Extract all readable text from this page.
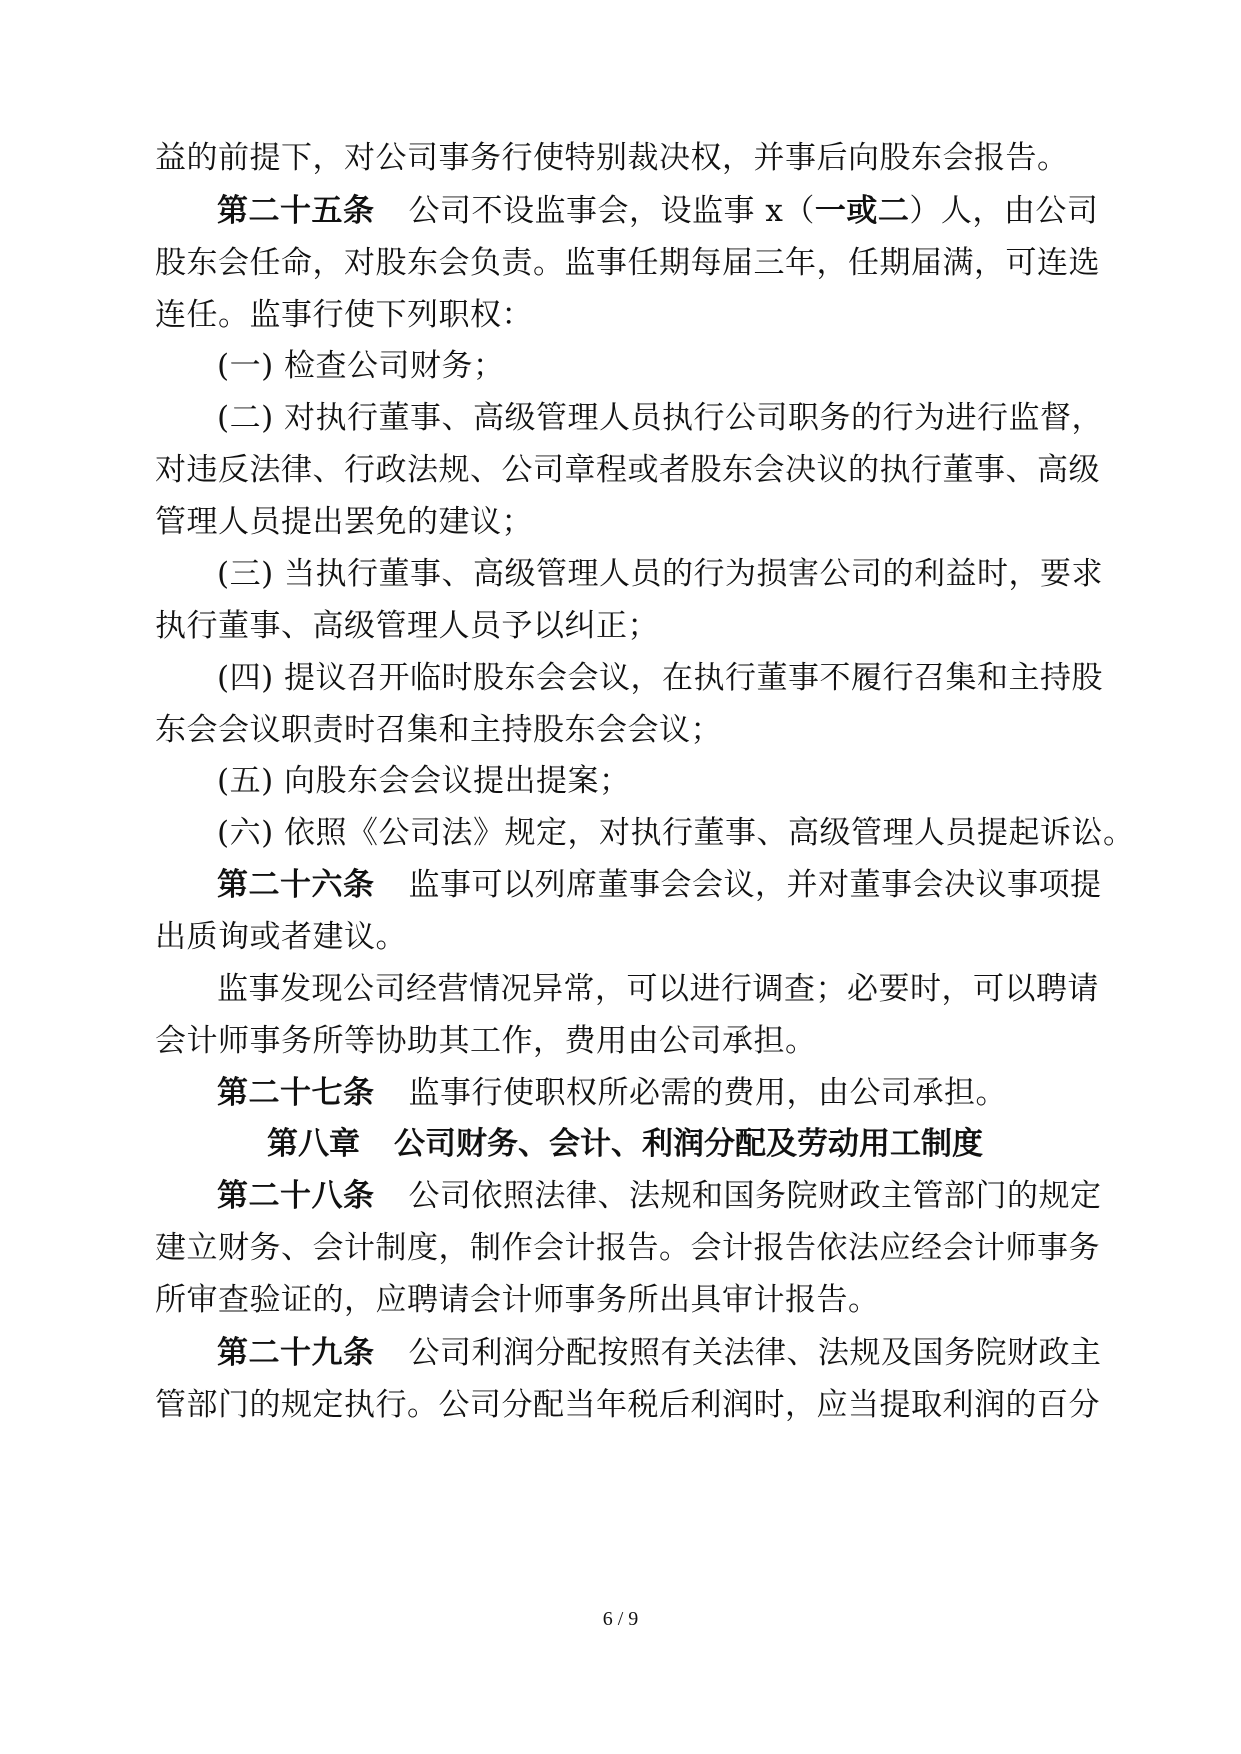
益的前提下，对公司事务行使特别裁决权，并事后向股东会报告。
第二十五条 公司不设监事会，设监事 x（一或二）人，由公司
股东会任命，对股东会负责。监事任期每届三年，任期届满，可连选
连任。监事行使下列职权：
(一) 检查公司财务；
(二) 对执行董事、高级管理人员执行公司职务的行为进行监督，
对违反法律、行政法规、公司章程或者股东会决议的执行董事、高级
管理人员提出罢免的建议；
(三) 当执行董事、高级管理人员的行为损害公司的利益时，要求
执行董事、高级管理人员予以纠正；
(四) 提议召开临时股东会会议，在执行董事不履行召集和主持股
东会会议职责时召集和主持股东会会议；
(五) 向股东会会议提出提案；
(六) 依照《公司法》规定，对执行董事、高级管理人员提起诉讼。
第二十六条 监事可以列席董事会会议，并对董事会决议事项提
出质询或者建议。
监事发现公司经营情况异常，可以进行调查；必要时，可以聘请
会计师事务所等协助其工作，费用由公司承担。
第二十七条 监事行使职权所必需的费用，由公司承担。
第八章 公司财务、会计、利润分配及劳动用工制度
第二十八条 公司依照法律、法规和国务院财政主管部门的规定
建立财务、会计制度，制作会计报告。会计报告依法应经会计师事务
所审查验证的，应聘请会计师事务所出具审计报告。
第二十九条 公司利润分配按照有关法律、法规及国务院财政主
管部门的规定执行。公司分配当年税后利润时，应当提取利润的百分
6 / 9
